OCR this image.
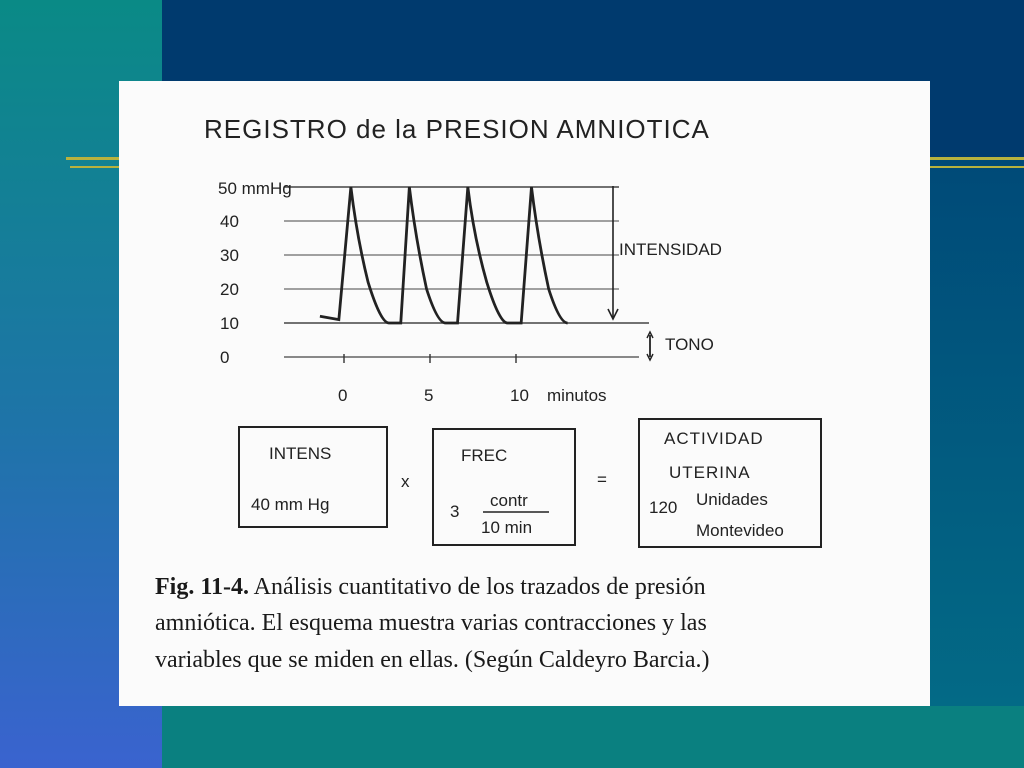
REGISTRO de la PRESION AMNIOTICA
40
30
20
10
0
0	5	10
50 mmHg
minutos
INTENSIDAD
TONO
INTENS
40 mm Hg
x
FREC
3
contr
10 min
=
ACTIVIDAD
UTERINA
120 Unidades
Montevideo
Fig. 11-4. Análisis cuantitativo de los trazados de presión
amniótica. El esquema muestra varias contracciones y las
variables que se miden en ellas. (Según Caldeyro Barcia.)
